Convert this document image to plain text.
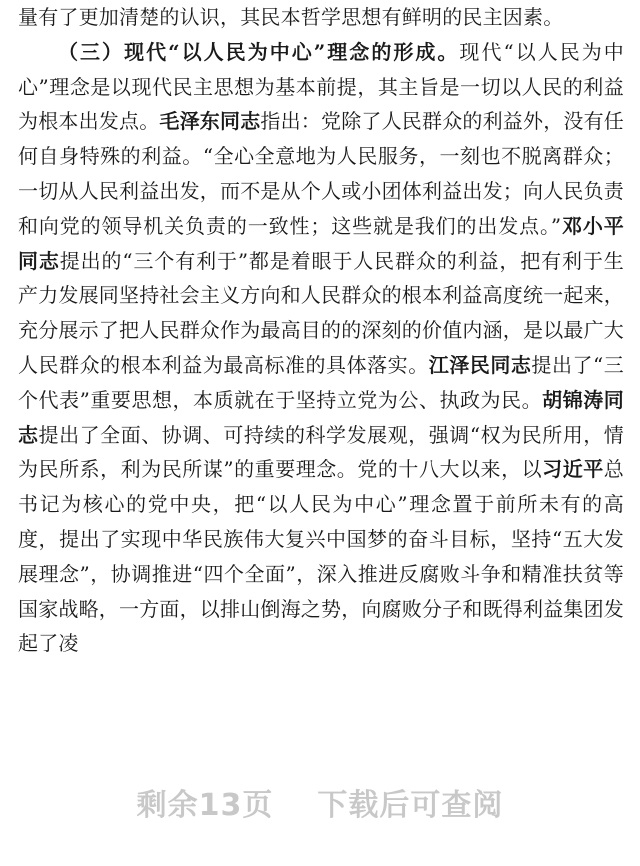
量有了更加清楚的认识，其民本哲学思想有鲜明的民主因素。

（三）现代“以人民为中心”理念的形成。现代“以人民为中心”理念是以现代民主思想为基本前提，其主旨是一切以人民的利益为根本出发点。毛泽东同志指出：党除了人民群众的利益外，没有任何自身特殊的利益。“全心全意地为人民服务，一刻也不脱离群众；一切从人民利益出发，而不是从个人或小团体利益出发；向人民负责和向党的领导机关负责的一致性；这些就是我们的出发点。”邓小平同志提出的“三个有利于”都是着眼于人民群众的利益，把有利于生产力发展同坚持社会主义方向和人民群众的根本利益高度统一起来，充分展示了把人民群众作为最高目的的深刻的价值内涵，是以最广大人民群众的根本利益为最高标准的具体落实。江泽民同志提出了“三个代表”重要思想，本质就在于坚持立党为公、执政为民。胡锦涛同志提出了全面、协调、可持续的科学发展观，强调“权为民所用，情为民所系，利为民所谋”的重要理念。党的十八大以来，以习近平总书记为核心的党中央，把“以人民为中心”理念置于前所未有的高度，提出了实现中华民族伟大复兴中国梦的奋斗目标，坚持“五大发展理念”，协调推进“四个全面”，深入推进反腐败斗争和精准扶贫等国家战略，一方面，以排山倒海之势，向腐败分子和既得利益集团发起了凌

剩余13页 下载后可查阅
